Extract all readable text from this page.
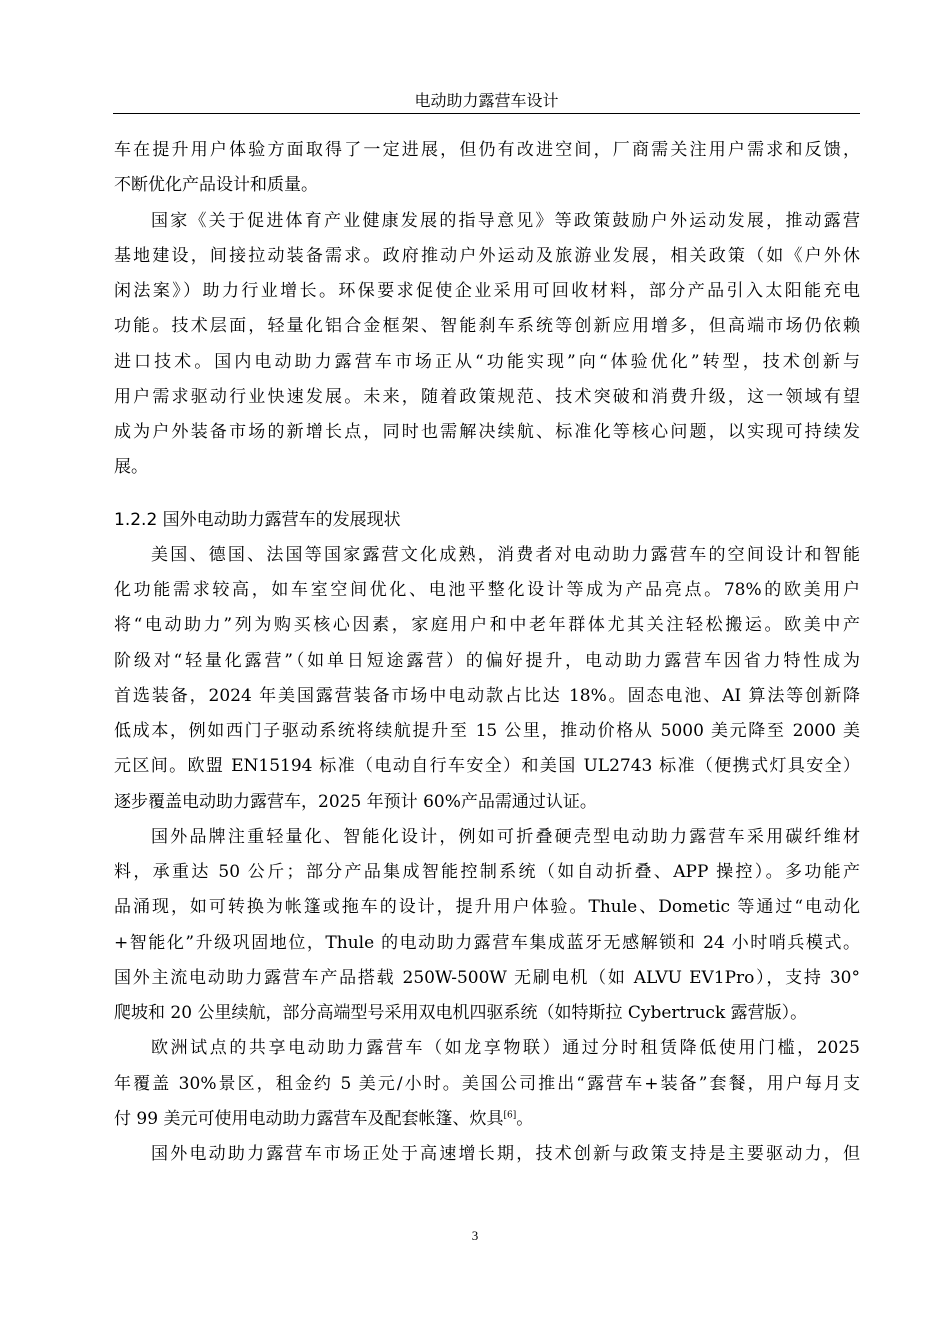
电动助力露营车设计
车在提升用户体验方面取得了一定进展，但仍有改进空间，厂商需关注用户需求和反馈，
不断优化产品设计和质量。
国家《关于促进体育产业健康发展的指导意见》等政策鼓励户外运动发展，推动露营
基地建设，间接拉动装备需求。政府推动户外运动及旅游业发展，相关政策（如《户外休
闲法案》）助力行业增长。环保要求促使企业采用可回收材料，部分产品引入太阳能充电
功能。技术层面，轻量化铝合金框架、智能刹车系统等创新应用增多，但高端市场仍依赖
进口技术。国内电动助力露营车市场正从“功能实现”向“体验优化”转型，技术创新与
用户需求驱动行业快速发展。未来，随着政策规范、技术突破和消费升级，这一领域有望
成为户外装备市场的新增长点，同时也需解决续航、标准化等核心问题，以实现可持续发
展。
1.2.2 国外电动助力露营车的发展现状
美国、德国、法国等国家露营文化成熟，消费者对电动助力露营车的空间设计和智能
化功能需求较高，如车室空间优化、电池平整化设计等成为产品亮点。78%的欧美用户
将“电动助力”列为购买核心因素，家庭用户和中老年群体尤其关注轻松搬运。欧美中产
阶级对“轻量化露营”（如单日短途露营）的偏好提升，电动助力露营车因省力特性成为
首选装备，2024 年美国露营装备市场中电动款占比达 18%。固态电池、AI 算法等创新降
低成本，例如西门子驱动系统将续航提升至 15 公里，推动价格从 5000 美元降至 2000 美
元区间。欧盟 EN15194 标准（电动自行车安全）和美国 UL2743 标准（便携式灯具安全）
逐步覆盖电动助力露营车，2025 年预计 60%产品需通过认证。
国外品牌注重轻量化、智能化设计，例如可折叠硬壳型电动助力露营车采用碳纤维材
料，承重达 50 公斤；部分产品集成智能控制系统（如自动折叠、APP 操控）。多功能产
品涌现，如可转换为帐篷或拖车的设计，提升用户体验。Thule、Dometic 等通过“电动化
+智能化”升级巩固地位，Thule 的电动助力露营车集成蓝牙无感解锁和 24 小时哨兵模式。
国外主流电动助力露营车产品搭载 250W-500W 无刷电机（如 ALVU EV1Pro），支持 30°
爬坡和 20 公里续航，部分高端型号采用双电机四驱系统（如特斯拉 Cybertruck 露营版）。
欧洲试点的共享电动助力露营车（如龙享物联）通过分时租赁降低使用门槛，2025
年覆盖 30%景区，租金约 5 美元/小时。美国公司推出“露营车+装备”套餐，用户每月支
付 99 美元可使用电动助力露营车及配套帐篷、炊具[6]。
国外电动助力露营车市场正处于高速增长期，技术创新与政策支持是主要驱动力，但
3
